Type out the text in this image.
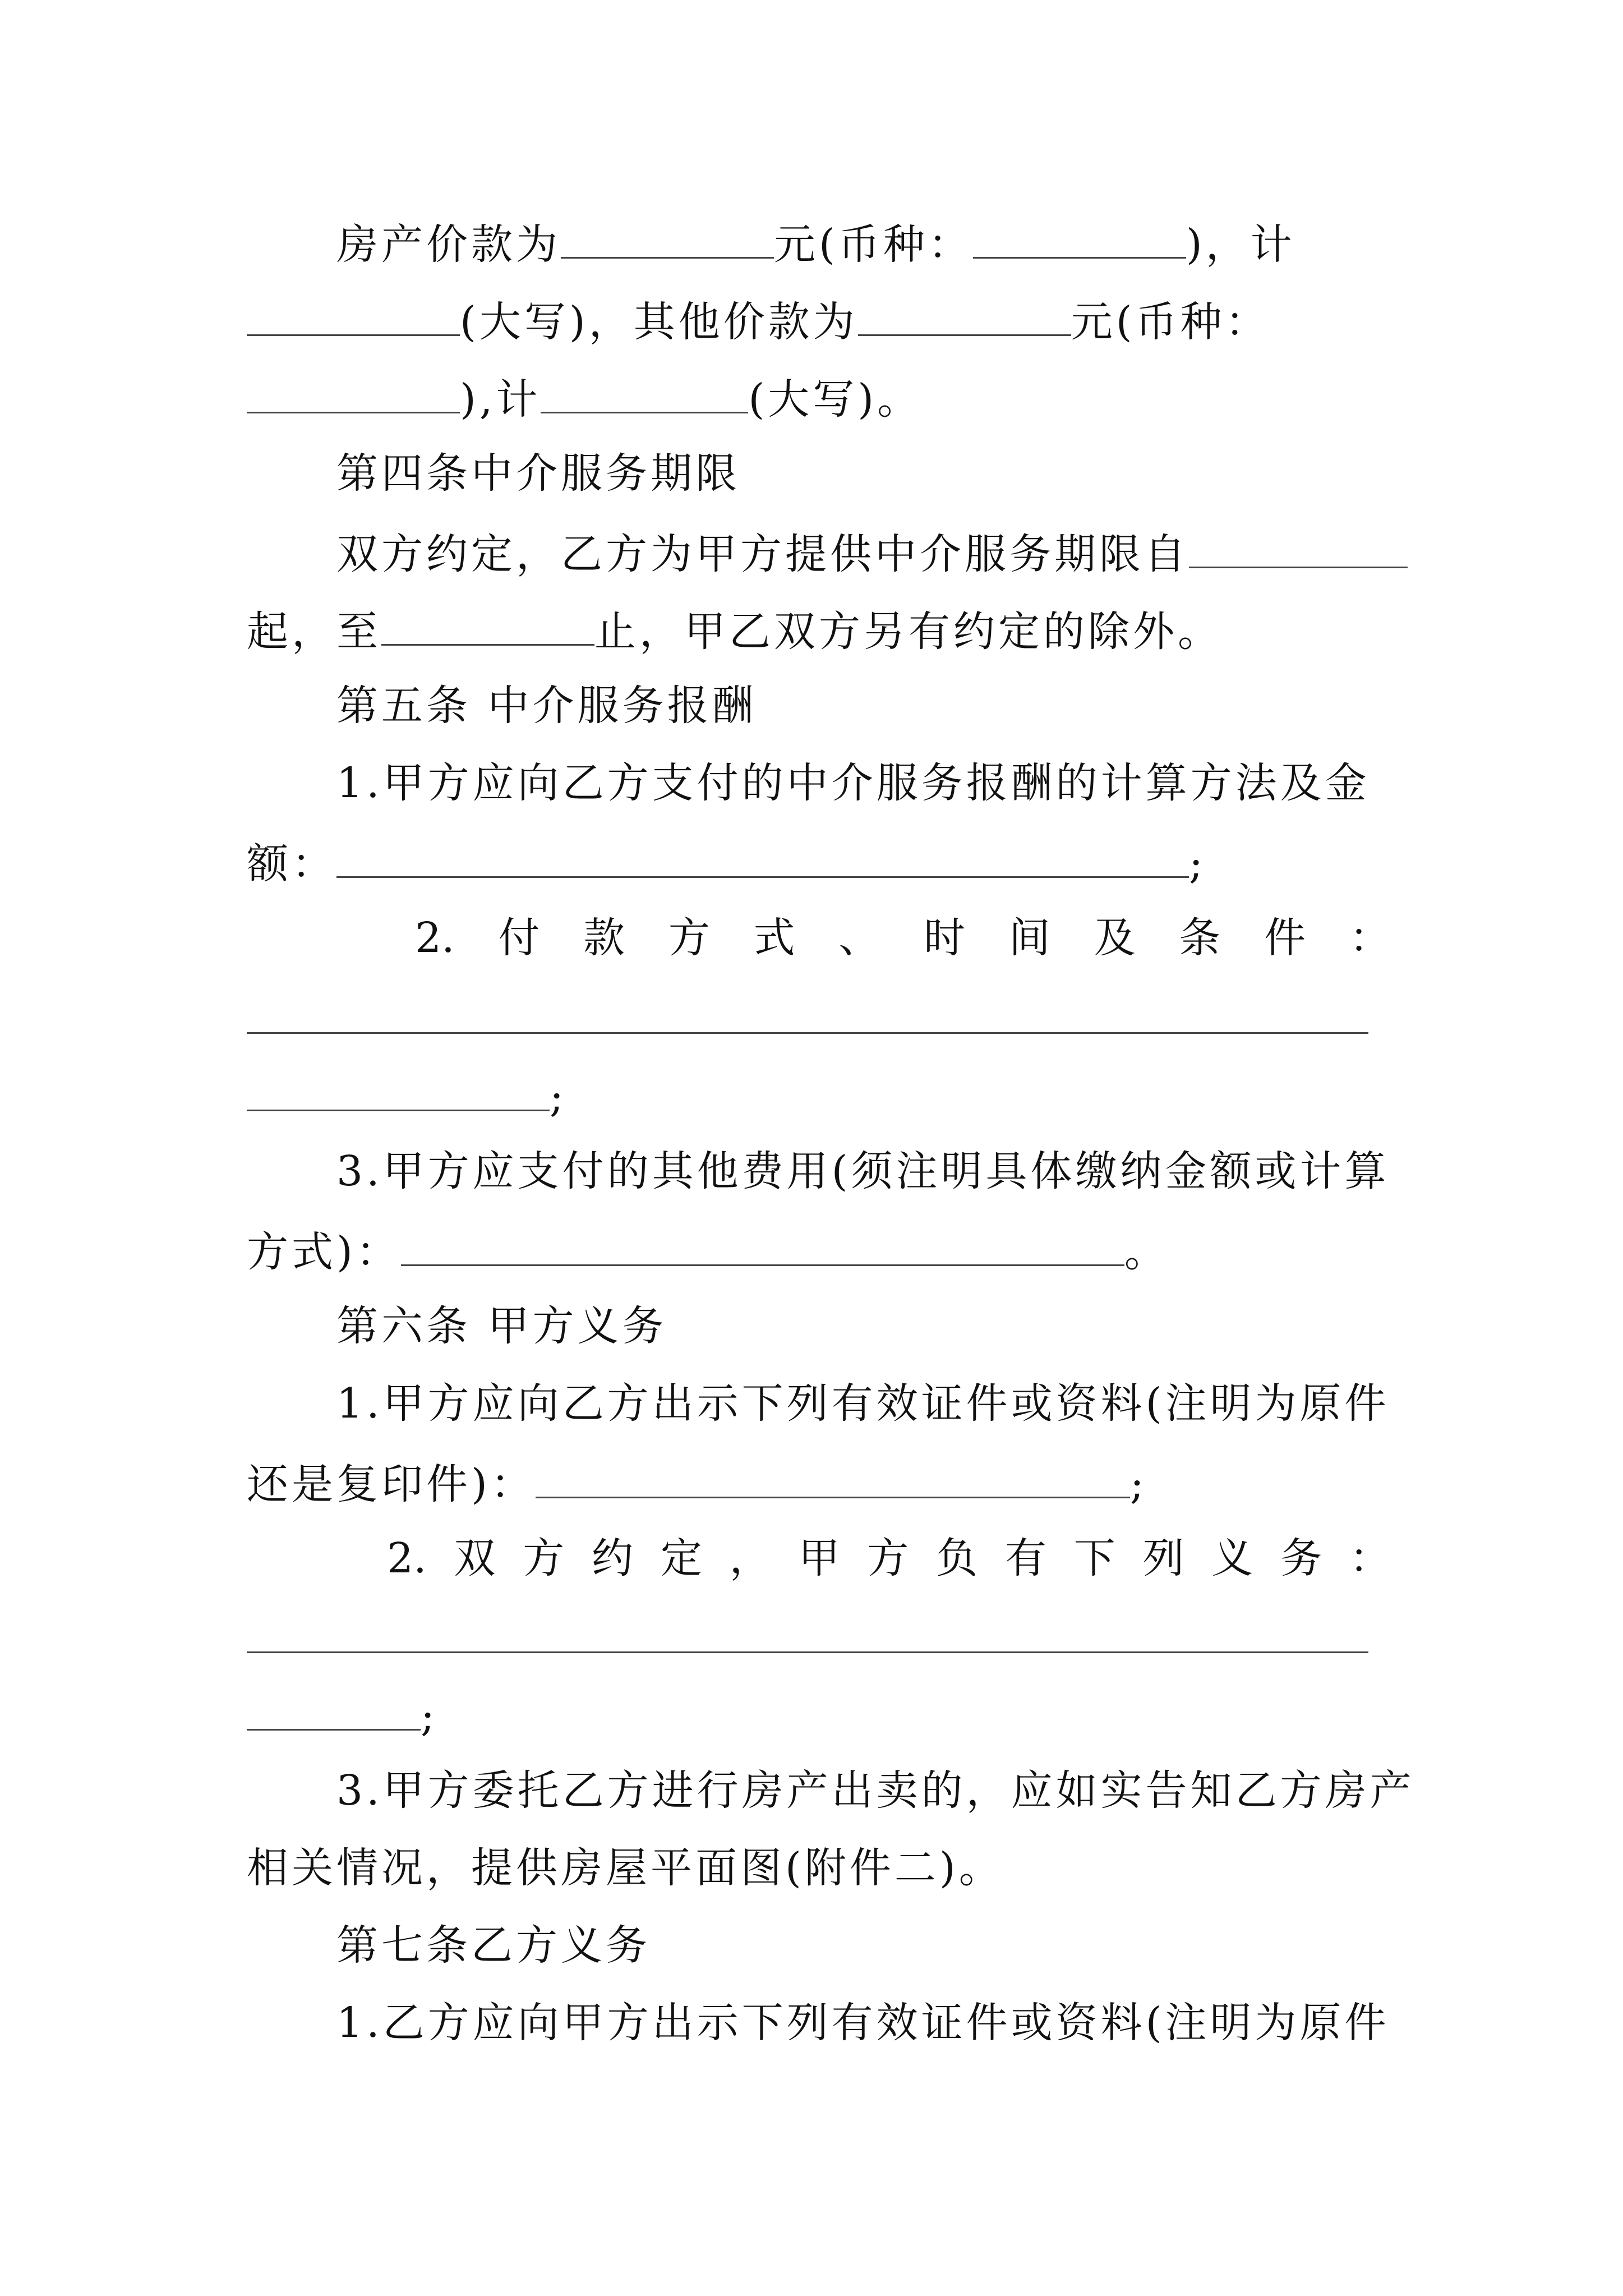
房产价款为	元(币种：	)，计
(大写)，其他价款为	元(币种：
),计	(大写)。
第四条中介服务期限
双方约定，乙方为甲方提供中介服务期限自
起，至	止，甲乙双方另有约定的除外。
第五条 中介服务报酬
1.甲方应向乙方支付的中介服务报酬的计算方法及金
额：	;
2. 付 款 方 式 、 时 间 及 条 件 ：
;
3.甲方应支付的其他费用(须注明具体缴纳金额或计算
方式)：	。
第六条 甲方义务
1.甲方应向乙方出示下列有效证件或资料(注明为原件
还是复印件)：	;
2. 双 方 约 定 ， 甲 方 负 有 下 列 义 务 ：
;
3.甲方委托乙方进行房产出卖的，应如实告知乙方房产
相关情况，提供房屋平面图(附件二)。
第七条乙方义务
1.乙方应向甲方出示下列有效证件或资料(注明为原件
